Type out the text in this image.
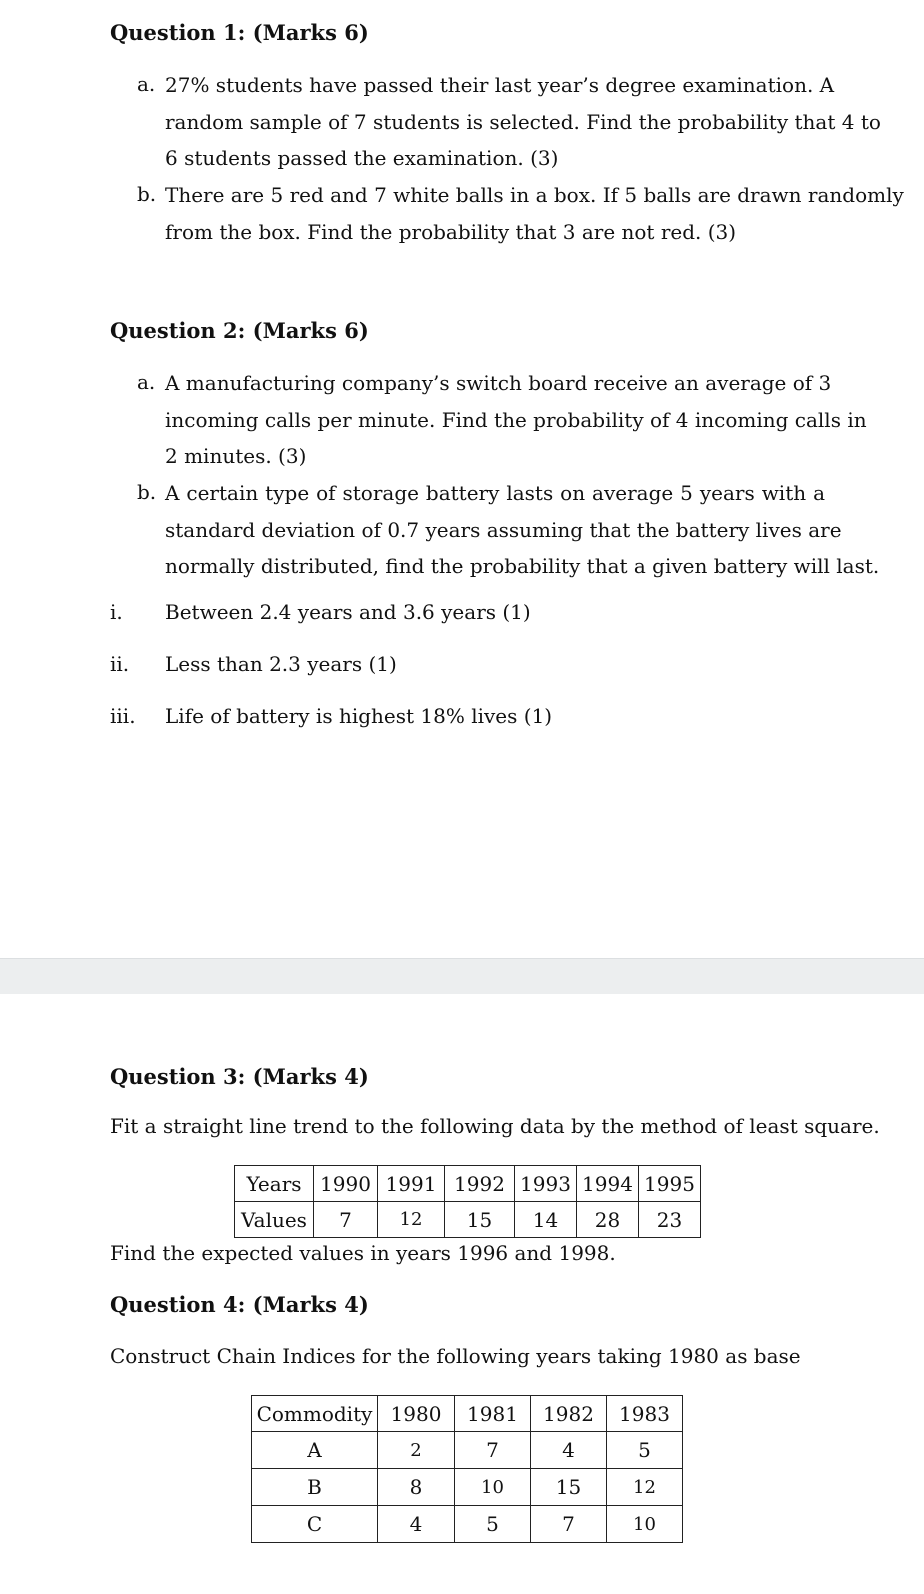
Question 1: (Marks 6)
a. 27% students have passed their last year’s degree examination. A
random sample of 7 students is selected. Find the probability that 4 to
6 students passed the examination. (3)
b. There are 5 red and 7 white balls in a box. If 5 balls are drawn randomly
from the box. Find the probability that 3 are not red. (3)
Question 2: (Marks 6)
a. A manufacturing company’s switch board receive an average of 3
incoming calls per minute. Find the probability of 4 incoming calls in
2 minutes. (3)
b. A certain type of storage battery lasts on average 5 years with a
standard deviation of 0.7 years assuming that the battery lives are
normally distributed, find the probability that a given battery will last.
i. Between 2.4 years and 3.6 years (1)
ii. Less than 2.3 years (1)
iii. Life of battery is highest 18% lives (1)
Question 3: (Marks 4)
Fit a straight line trend to the following data by the method of least square.
Years	1990	1991	1992	1993	1994	1995
Values	7	12	15	14	28	23
Find the expected values in years 1996 and 1998.
Question 4: (Marks 4)
Construct Chain Indices for the following years taking 1980 as base
Commodity	1980	1981	1982	1983
A	2	7	4	5
B	8	10	15	12
C	4	5	7	10
